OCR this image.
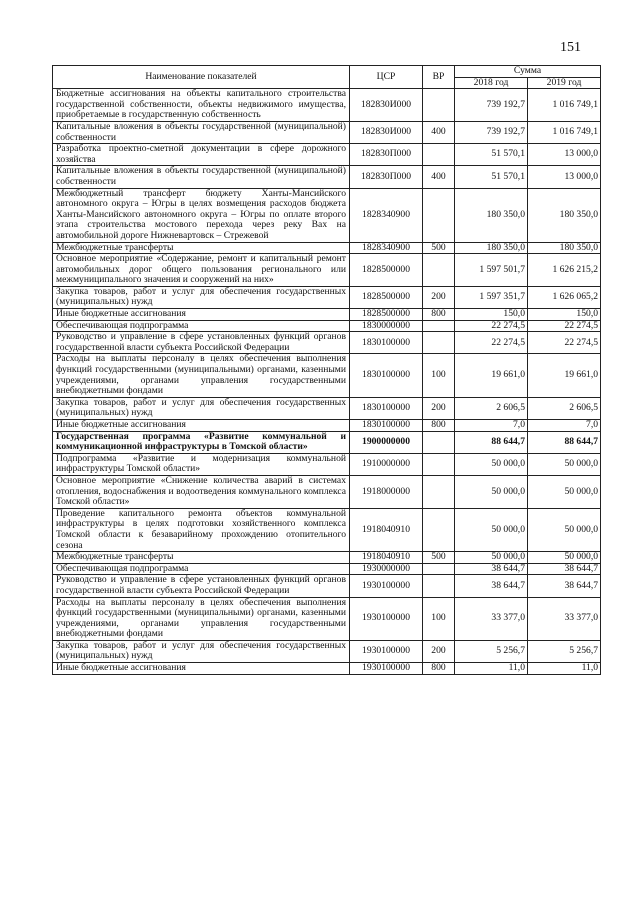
151
Наименование показателей	ЦСР	ВР	Сумма	
			2018 год	2019 год
Бюджетные ассигнования на объекты капитального строительства государственной собственности, объекты недвижимого имущества, приобретаемые в государственную собственность	182830И000		739 192,7	1 016 749,1
Капитальные вложения в объекты государственной (муниципальной) собственности	182830И000	400	739 192,7	1 016 749,1
Разработка проектно-сметной документации в сфере дорожного хозяйства	182830П000		51 570,1	13 000,0
Капитальные вложения в объекты государственной (муниципальной) собственности	182830П000	400	51 570,1	13 000,0
Межбюджетный трансферт бюджету Ханты-Мансийского автономного округа – Югры в целях возмещения расходов бюджета Ханты-Мансийского автономного округа – Югры по оплате второго этапа строительства мостового перехода через реку Вах на автомобильной дороге Нижневартовск – Стрежевой	1828340900		180 350,0	180 350,0
Межбюджетные трансферты	1828340900	500	180 350,0	180 350,0
Основное мероприятие «Содержание, ремонт и капитальный ремонт автомобильных дорог общего пользования регионального или межмуниципального значения и сооружений на них»	1828500000		1 597 501,7	1 626 215,2
Закупка товаров, работ и услуг для обеспечения государственных (муниципальных) нужд	1828500000	200	1 597 351,7	1 626 065,2
Иные бюджетные ассигнования	1828500000	800	150,0	150,0
Обеспечивающая подпрограмма	1830000000		22 274,5	22 274,5
Руководство и управление в сфере установленных функций органов государственной власти субъекта Российской Федерации	1830100000		22 274,5	22 274,5
Расходы на выплаты персоналу в целях обеспечения выполнения функций государственными (муниципальными) органами, казенными учреждениями, органами управления государственными внебюджетными фондами	1830100000	100	19 661,0	19 661,0
Закупка товаров, работ и услуг для обеспечения государственных (муниципальных) нужд	1830100000	200	2 606,5	2 606,5
Иные бюджетные ассигнования	1830100000	800	7,0	7,0
Государственная программа «Развитие коммунальной и коммуникационной инфраструктуры в Томской области»	1900000000		88 644,7	88 644,7
Подпрограмма «Развитие и модернизация коммунальной инфраструктуры Томской области»	1910000000		50 000,0	50 000,0
Основное мероприятие «Снижение количества аварий в системах отопления, водоснабжения и водоотведения коммунального комплекса Томской области»	1918000000		50 000,0	50 000,0
Проведение капитального ремонта объектов коммунальной инфраструктуры в целях подготовки хозяйственного комплекса Томской области к безаварийному прохождению отопительного сезона	1918040910		50 000,0	50 000,0
Межбюджетные трансферты	1918040910	500	50 000,0	50 000,0
Обеспечивающая подпрограмма	1930000000		38 644,7	38 644,7
Руководство и управление в сфере установленных функций органов государственной власти субъекта Российской Федерации	1930100000		38 644,7	38 644,7
Расходы на выплаты персоналу в целях обеспечения выполнения функций государственными (муниципальными) органами, казенными учреждениями, органами управления государственными внебюджетными фондами	1930100000	100	33 377,0	33 377,0
Закупка товаров, работ и услуг для обеспечения государственных (муниципальных) нужд	1930100000	200	5 256,7	5 256,7
Иные бюджетные ассигнования	1930100000	800	11,0	11,0
